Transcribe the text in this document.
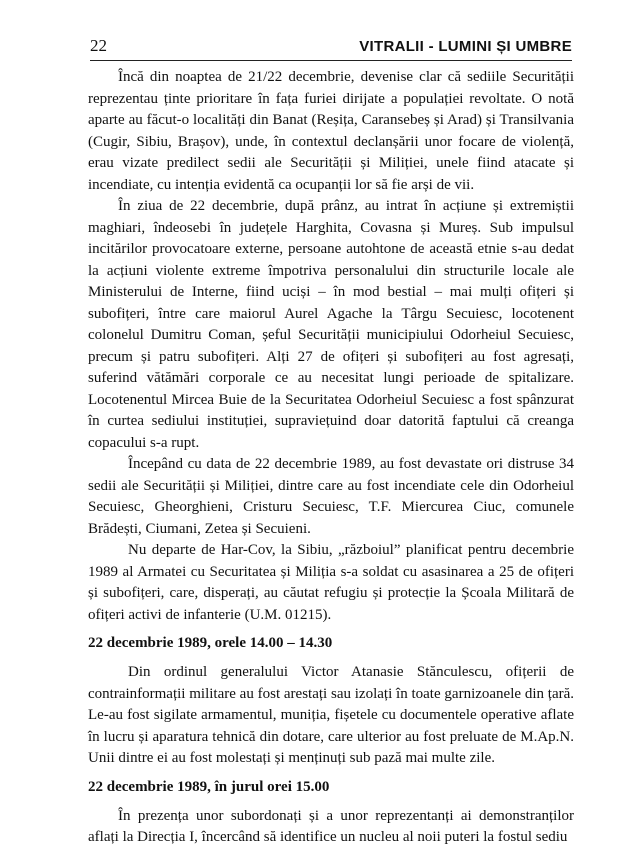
22	VITRALII - LUMINI ȘI UMBRE

Încă din noaptea de 21/22 decembrie, devenise clar că sediile Securității reprezentau ținte prioritare în fața furiei dirijate a populației revoltate. O notă aparte au făcut-o localități din Banat (Reșița, Caransebeș și Arad) și Transilvania (Cugir, Sibiu, Brașov), unde, în contextul declanșării unor focare de violență, erau vizate predilect sedii ale Securității și Miliției, unele fiind atacate și incendiate, cu intenția evidentă ca ocupanții lor să fie arși de vii.

În ziua de 22 decembrie, după prânz, au intrat în acțiune și extremiștii maghiari, îndeosebi în județele Harghita, Covasna și Mureș. Sub impulsul incitărilor provocatoare externe, persoane autohtone de această etnie s-au dedat la acțiuni violente extreme împotriva personalului din structurile locale ale Ministerului de Interne, fiind uciși – în mod bestial – mai mulți ofițeri și subofițeri, între care maiorul Aurel Agache la Târgu Secuiesc, locotenent colonelul Dumitru Coman, șeful Securității municipiului Odorheiul Secuiesc, precum și patru subofițeri. Alți 27 de ofițeri și subofițeri au fost agresați, suferind vătămări corporale ce au necesitat lungi perioade de spitalizare. Locotenentul Mircea Buie de la Securitatea Odorheiul Secuiesc a fost spânzurat în curtea sediului instituției, supraviețuind doar datorită faptului că creanga copacului s-a rupt.

Începând cu data de 22 decembrie 1989, au fost devastate ori distruse 34 sedii ale Securității și Miliției, dintre care au fost incendiate cele din Odorheiul Secuiesc, Gheorghieni, Cristuru Secuiesc, T.F. Miercurea Ciuc, comunele Brădești, Ciumani, Zetea și Secuieni.

Nu departe de Har-Cov, la Sibiu, „războiul” planificat pentru decembrie 1989 al Armatei cu Securitatea și Miliția s-a soldat cu asasinarea a 25 de ofițeri și subofițeri, care, disperați, au căutat refugiu și protecție la Școala Militară de ofițeri activi de infanterie (U.M. 01215).

22 decembrie 1989, orele 14.00 – 14.30

Din ordinul generalului Victor Atanasie Stănculescu, ofițerii de contrainformații militare au fost arestați sau izolați în toate garnizoanele din țară. Le-au fost sigilate armamentul, muniția, fișetele cu documentele operative aflate în lucru și aparatura tehnică din dotare, care ulterior au fost preluate de M.Ap.N. Unii dintre ei au fost molestați și menținuți sub pază mai multe zile.

22 decembrie 1989, în jurul orei 15.00

În prezența unor subordonați și a unor reprezentanți ai demonstranților aflați la Direcția I, încercând să identifice un nucleu al noii puteri la fostul sediu
